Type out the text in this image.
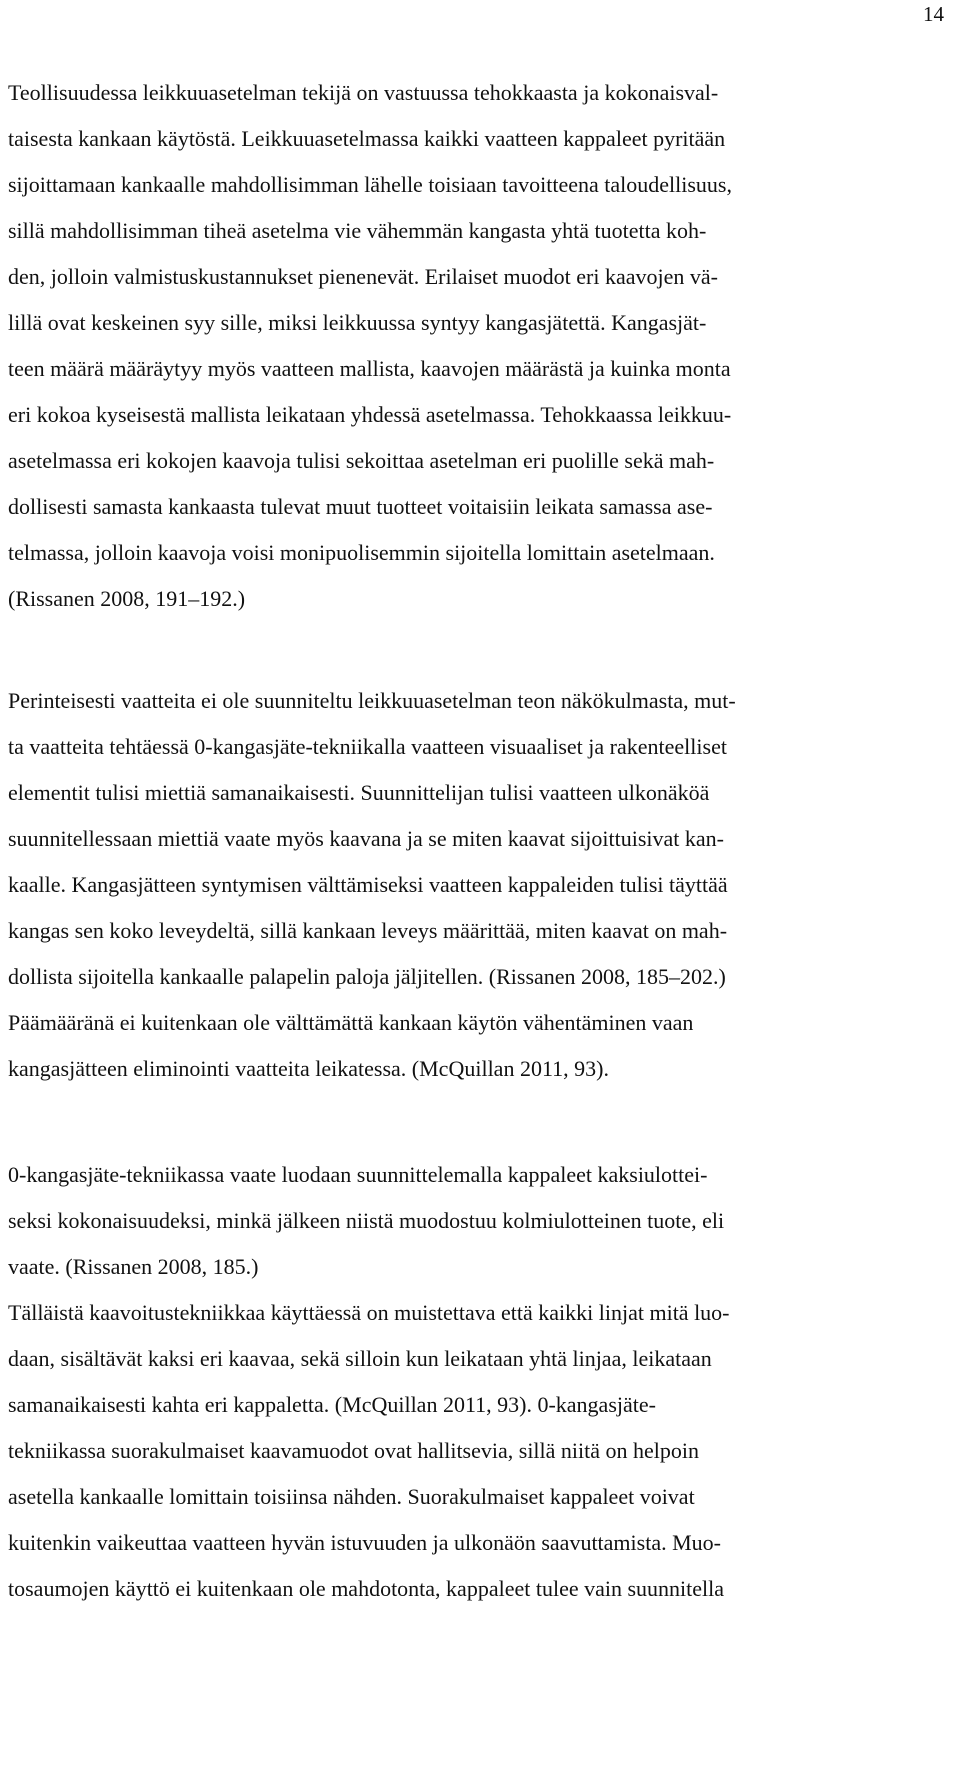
14
Teollisuudessa leikkuuasetelman tekijä on vastuussa tehokkaasta ja kokonaisval-
taisesta kankaan käytöstä. Leikkuuasetelmassa kaikki vaatteen kappaleet pyritään
sijoittamaan kankaalle mahdollisimman lähelle toisiaan tavoitteena taloudellisuus,
sillä mahdollisimman tiheä asetelma vie vähemmän kangasta yhtä tuotetta koh-
den, jolloin valmistuskustannukset pienenevät. Erilaiset muodot eri kaavojen vä-
lillä ovat keskeinen syy sille, miksi leikkuussa syntyy kangasjätettä. Kangasjät-
teen määrä määräytyy myös vaatteen mallista, kaavojen määrästä ja kuinka monta
eri kokoa kyseisestä mallista leikataan yhdessä asetelmassa. Tehokkaassa leikkuu-
asetelmassa eri kokojen kaavoja tulisi sekoittaa asetelman eri puolille sekä mah-
dollisesti samasta kankaasta tulevat muut tuotteet voitaisiin leikata samassa ase-
telmassa, jolloin kaavoja voisi monipuolisemmin sijoitella lomittain asetelmaan.
(Rissanen 2008, 191–192.)
Perinteisesti vaatteita ei ole suunniteltu leikkuuasetelman teon näkökulmasta, mut-
ta vaatteita tehtäessä 0-kangasjäte-tekniikalla vaatteen visuaaliset ja rakenteelliset
elementit tulisi miettiä samanaikaisesti. Suunnittelijan tulisi vaatteen ulkonäköä
suunnitellessaan miettiä vaate myös kaavana ja se miten kaavat sijoittuisivat kan-
kaalle. Kangasjätteen syntymisen välttämiseksi vaatteen kappaleiden tulisi täyttää
kangas sen koko leveydeltä, sillä kankaan leveys määrittää, miten kaavat on mah-
dollista sijoitella kankaalle palapelin paloja jäljitellen. (Rissanen 2008, 185–202.)
Päämääränä ei kuitenkaan ole välttämättä kankaan käytön vähentäminen vaan
kangasjätteen eliminointi vaatteita leikatessa. (McQuillan 2011, 93).
0-kangasjäte-tekniikassa vaate luodaan suunnittelemalla kappaleet kaksiulottei-
seksi kokonaisuudeksi, minkä jälkeen niistä muodostuu kolmiulotteinen tuote, eli
vaate. (Rissanen 2008, 185.)
Tälläistä kaavoitustekniikkaa käyttäessä on muistettava että kaikki linjat mitä luo-
daan, sisältävät kaksi eri kaavaa, sekä silloin kun leikataan yhtä linjaa, leikataan
samanaikaisesti kahta eri kappaletta. (McQuillan 2011, 93). 0-kangasjäte-
tekniikassa suorakulmaiset kaavamuodot ovat hallitsevia, sillä niitä on helpoin
asetella kankaalle lomittain toisiinsa nähden. Suorakulmaiset kappaleet voivat
kuitenkin vaikeuttaa vaatteen hyvän istuvuuden ja ulkonäön saavuttamista. Muo-
tosaumojen käyttö ei kuitenkaan ole mahdotonta, kappaleet tulee vain suunnitella
